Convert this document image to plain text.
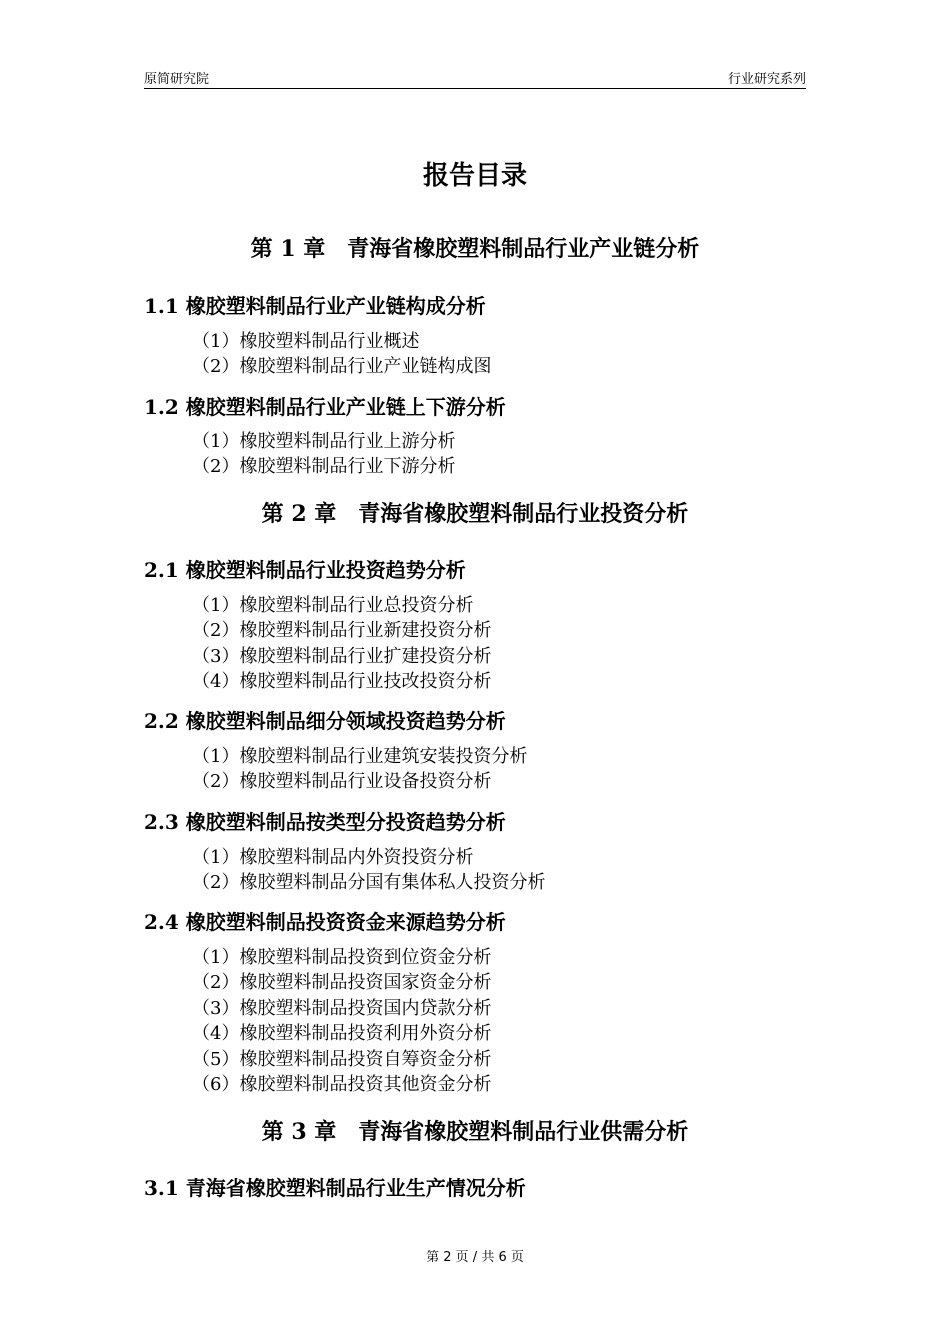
原简研究院	行业研究系列
报告目录
第 1 章　青海省橡胶塑料制品行业产业链分析
1.1 橡胶塑料制品行业产业链构成分析
（1）橡胶塑料制品行业概述
（2）橡胶塑料制品行业产业链构成图
1.2 橡胶塑料制品行业产业链上下游分析
（1）橡胶塑料制品行业上游分析
（2）橡胶塑料制品行业下游分析
第 2 章　青海省橡胶塑料制品行业投资分析
2.1 橡胶塑料制品行业投资趋势分析
（1）橡胶塑料制品行业总投资分析
（2）橡胶塑料制品行业新建投资分析
（3）橡胶塑料制品行业扩建投资分析
（4）橡胶塑料制品行业技改投资分析
2.2 橡胶塑料制品细分领域投资趋势分析
（1）橡胶塑料制品行业建筑安装投资分析
（2）橡胶塑料制品行业设备投资分析
2.3 橡胶塑料制品按类型分投资趋势分析
（1）橡胶塑料制品内外资投资分析
（2）橡胶塑料制品分国有集体私人投资分析
2.4 橡胶塑料制品投资资金来源趋势分析
（1）橡胶塑料制品投资到位资金分析
（2）橡胶塑料制品投资国家资金分析
（3）橡胶塑料制品投资国内贷款分析
（4）橡胶塑料制品投资利用外资分析
（5）橡胶塑料制品投资自筹资金分析
（6）橡胶塑料制品投资其他资金分析
第 3 章　青海省橡胶塑料制品行业供需分析
3.1 青海省橡胶塑料制品行业生产情况分析
第 2 页 / 共 6 页
